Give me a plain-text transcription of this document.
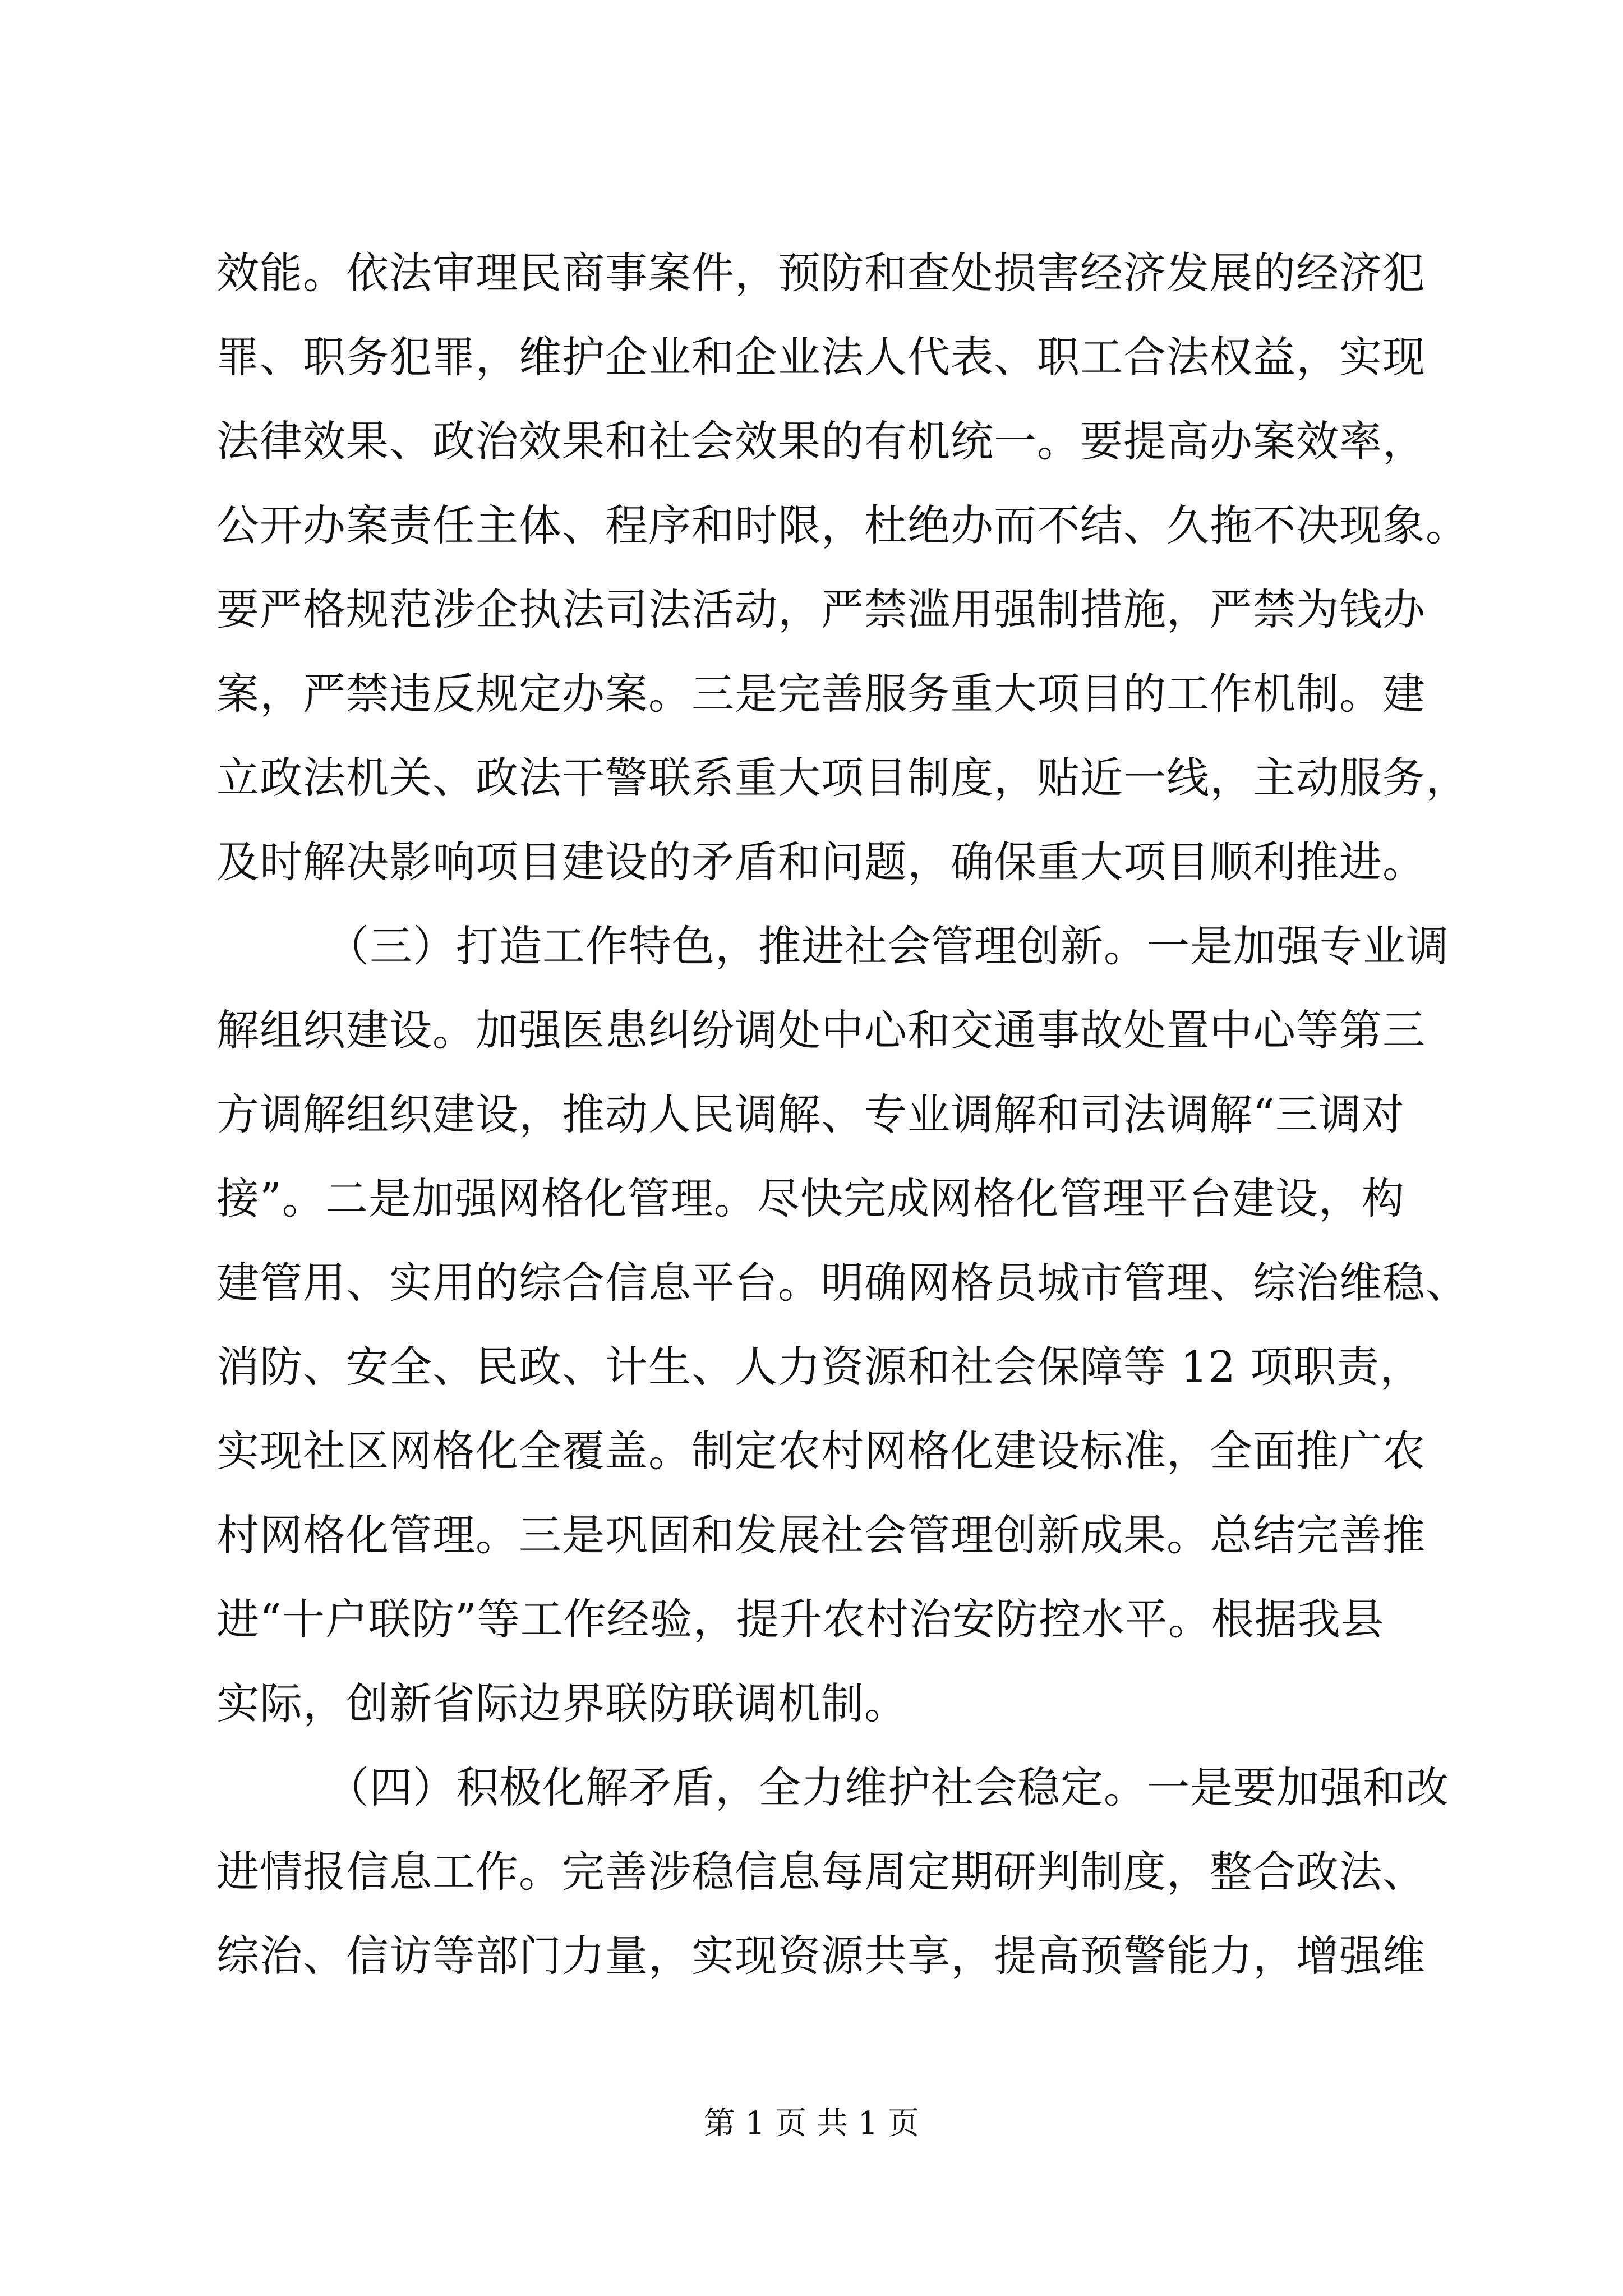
效能。依法审理民商事案件，预防和查处损害经济发展的经济犯
罪、职务犯罪，维护企业和企业法人代表、职工合法权益，实现
法律效果、政治效果和社会效果的有机统一。要提高办案效率，
公开办案责任主体、程序和时限，杜绝办而不结、久拖不决现象。
要严格规范涉企执法司法活动，严禁滥用强制措施，严禁为钱办
案，严禁违反规定办案。三是完善服务重大项目的工作机制。建
立政法机关、政法干警联系重大项目制度，贴近一线，主动服务，
及时解决影响项目建设的矛盾和问题，确保重大项目顺利推进。
（三）打造工作特色，推进社会管理创新。一是加强专业调
解组织建设。加强医患纠纷调处中心和交通事故处置中心等第三
方调解组织建设，推动人民调解、专业调解和司法调解“三调对
接”。二是加强网格化管理。尽快完成网格化管理平台建设，构
建管用、实用的综合信息平台。明确网格员城市管理、综治维稳、
消防、安全、民政、计生、人力资源和社会保障等 12 项职责，
实现社区网格化全覆盖。制定农村网格化建设标准，全面推广农
村网格化管理。三是巩固和发展社会管理创新成果。总结完善推
进“十户联防”等工作经验，提升农村治安防控水平。根据我县
实际，创新省际边界联防联调机制。
（四）积极化解矛盾，全力维护社会稳定。一是要加强和改
进情报信息工作。完善涉稳信息每周定期研判制度，整合政法、
综治、信访等部门力量，实现资源共享，提高预警能力，增强维
第 1 页 共 1 页
